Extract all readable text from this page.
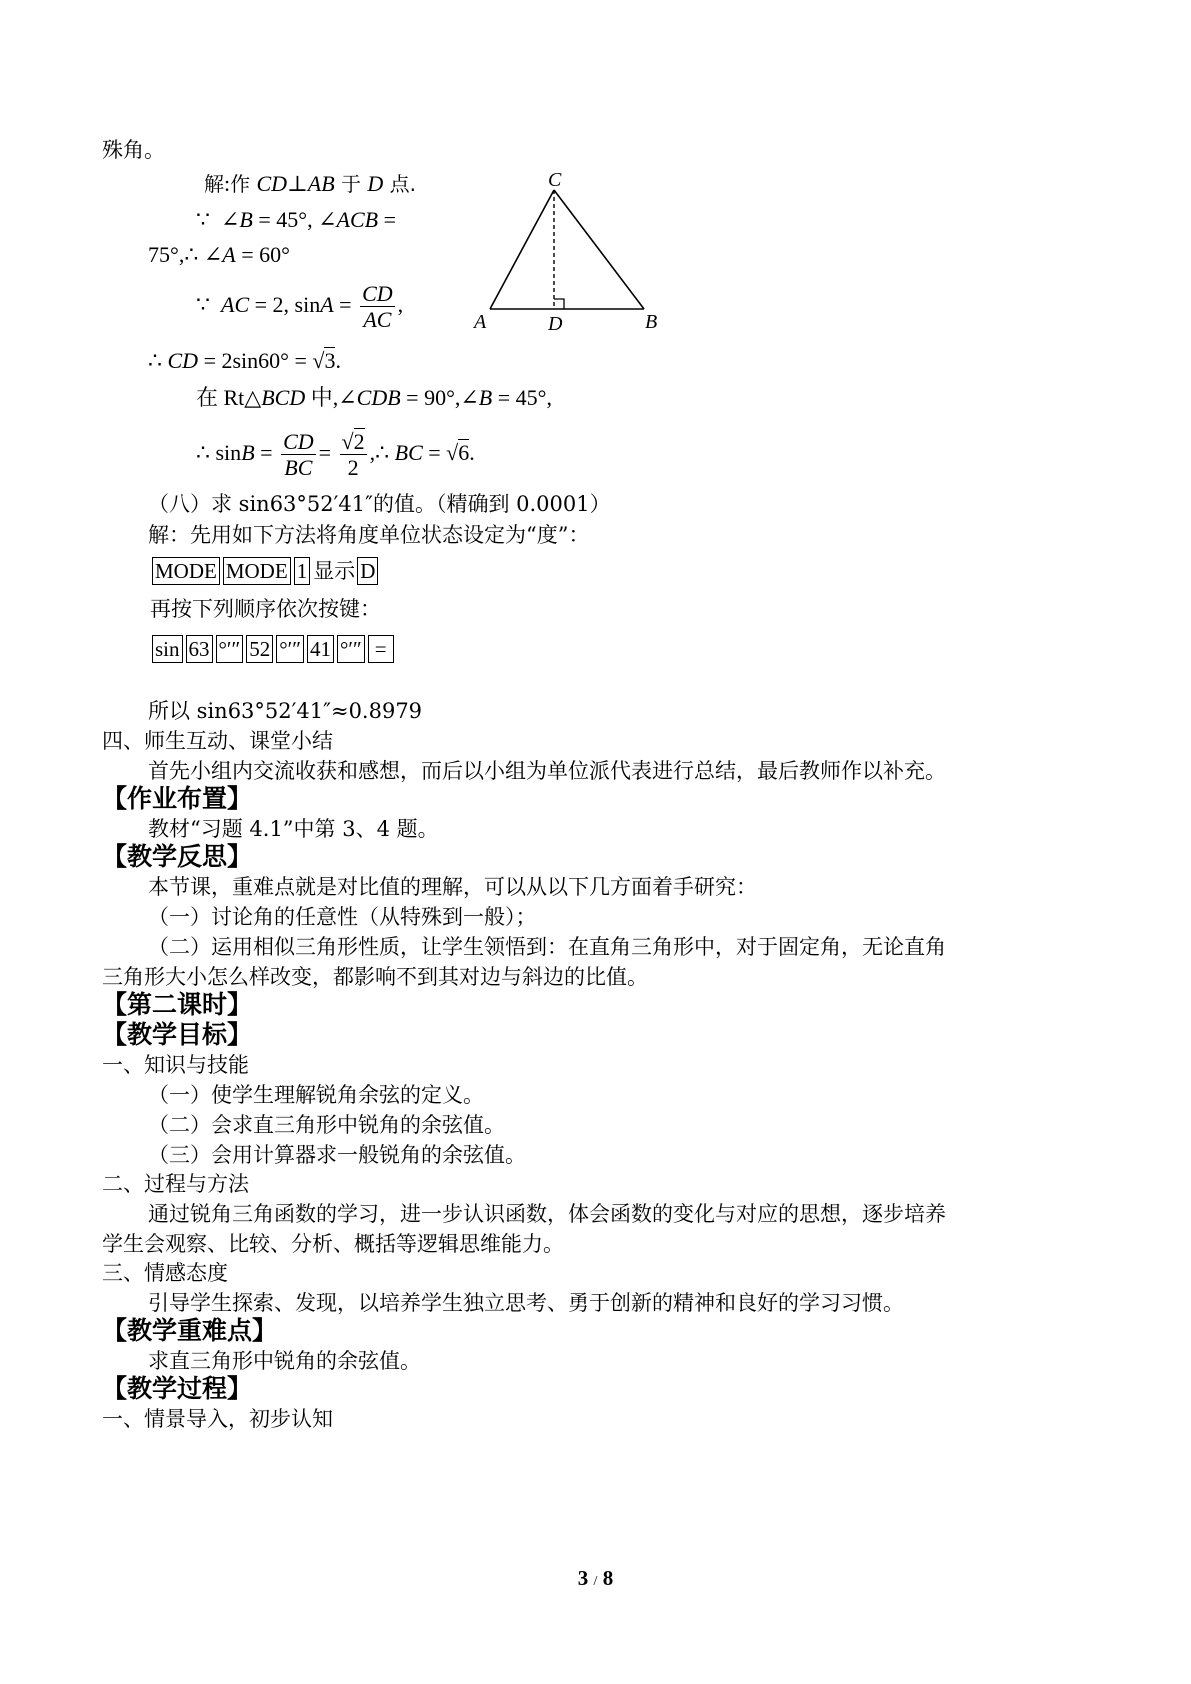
殊角。
解:作 CD⊥AB 于 D 点.
∵ ∠B = 45°, ∠ACB =
75°,∴ ∠A = 60°
∵ AC = 2, $\sin A = \frac{CD}{AC}$ ,
∴ CD = 2sin60° = √3.
在 Rt△BCD 中,∠CDB = 90°,∠B = 45°,
∴ $\sin B = \frac{CD}{BC} = \frac{√2}{2}$ ,∴ BC = √6.
C
A	D	B
（八）求 sin63°52′41″的值。（精确到 0.0001）
解：先用如下方法将角度单位状态设定为“度”：
MODE MODE 1 显示 D
再按下列顺序依次按键：
sin 63 °′″ 52 °′″ 41 °′″ =
所以 sin63°52′41″≈0.8979
四、师生互动、课堂小结
首先小组内交流收获和感想，而后以小组为单位派代表进行总结，最后教师作以补充。
【作业布置】
教材“习题 4.1”中第 3、4 题。
【教学反思】
本节课，重难点就是对比值的理解，可以从以下几方面着手研究：
（一）讨论角的任意性（从特殊到一般）；
（二）运用相似三角形性质，让学生领悟到：在直角三角形中，对于固定角，无论直角
三角形大小怎么样改变，都影响不到其对边与斜边的比值。
【第二课时】
【教学目标】
一、知识与技能
（一）使学生理解锐角余弦的定义。
（二）会求直三角形中锐角的余弦值。
（三）会用计算器求一般锐角的余弦值。
二、过程与方法
通过锐角三角函数的学习，进一步认识函数，体会函数的变化与对应的思想，逐步培养
学生会观察、比较、分析、概括等逻辑思维能力。
三、情感态度
引导学生探索、发现，以培养学生独立思考、勇于创新的精神和良好的学习习惯。
【教学重难点】
求直三角形中锐角的余弦值。
【教学过程】
一、情景导入，初步认知
3 / 8
